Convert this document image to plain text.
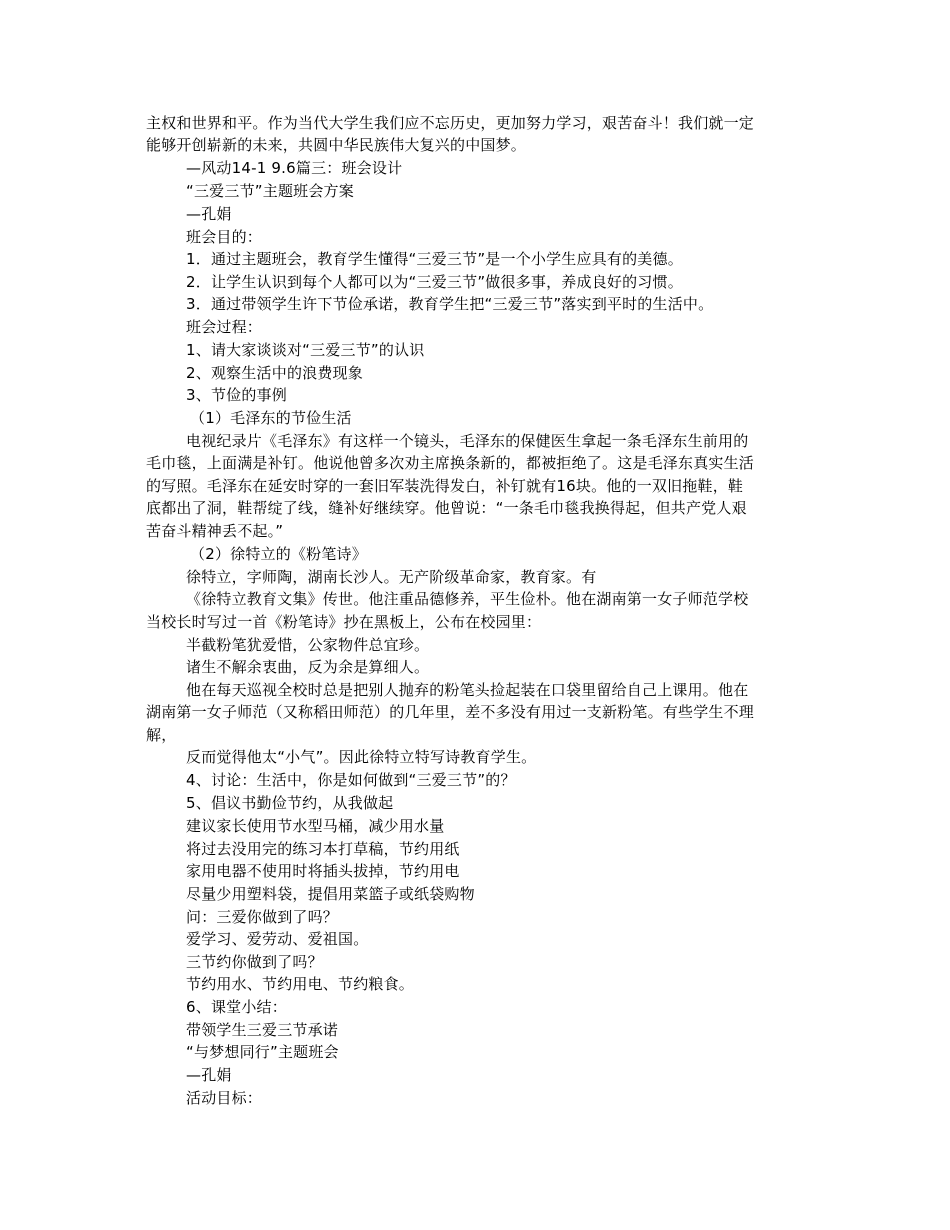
主权和世界和平。作为当代大学生我们应不忘历史，更加努力学习，艰苦奋斗！我们就一定
能够开创崭新的未来，共圆中华民族伟大复兴的中国梦。
—风动14-1 9.6篇三：班会设计
“三爱三节”主题班会方案
—孔娟
班会目的：
1．通过主题班会，教育学生懂得“三爱三节”是一个小学生应具有的美德。
2．让学生认识到每个人都可以为“三爱三节”做很多事，养成良好的习惯。
3．通过带领学生许下节俭承诺，教育学生把“三爱三节”落实到平时的生活中。
班会过程：
1、请大家谈谈对“三爱三节”的认识
2、观察生活中的浪费现象
3、节俭的事例
（1）毛泽东的节俭生活
电视纪录片《毛泽东》有这样一个镜头，毛泽东的保健医生拿起一条毛泽东生前用的
毛巾毯，上面满是补钉。他说他曾多次劝主席换条新的，都被拒绝了。这是毛泽东真实生活
的写照。毛泽东在延安时穿的一套旧军装洗得发白，补钉就有16块。他的一双旧拖鞋，鞋
底都出了洞，鞋帮绽了线，缝补好继续穿。他曾说：“一条毛巾毯我换得起，但共产党人艰
苦奋斗精神丢不起。”
（2）徐特立的《粉笔诗》
徐特立，字师陶，湖南长沙人。无产阶级革命家，教育家。有
《徐特立教育文集》传世。他注重品德修养，平生俭朴。他在湖南第一女子师范学校
当校长时写过一首《粉笔诗》抄在黑板上，公布在校园里：
半截粉笔犹爱惜，公家物件总宜珍。
诸生不解余衷曲，反为余是算细人。
他在每天巡视全校时总是把别人抛弃的粉笔头捡起装在口袋里留给自己上课用。他在
湖南第一女子师范（又称稻田师范）的几年里，差不多没有用过一支新粉笔。有些学生不理
解，
反而觉得他太“小气”。因此徐特立特写诗教育学生。
4、讨论：生活中，你是如何做到“三爱三节”的？
5、倡议书勤俭节约，从我做起
建议家长使用节水型马桶，减少用水量
将过去没用完的练习本打草稿，节约用纸
家用电器不使用时将插头拔掉，节约用电
尽量少用塑料袋，提倡用菜篮子或纸袋购物
问：三爱你做到了吗？
爱学习、爱劳动、爱祖国。
三节约你做到了吗？
节约用水、节约用电、节约粮食。
6、课堂小结：
带领学生三爱三节承诺
“与梦想同行”主题班会
—孔娟
活动目标：
